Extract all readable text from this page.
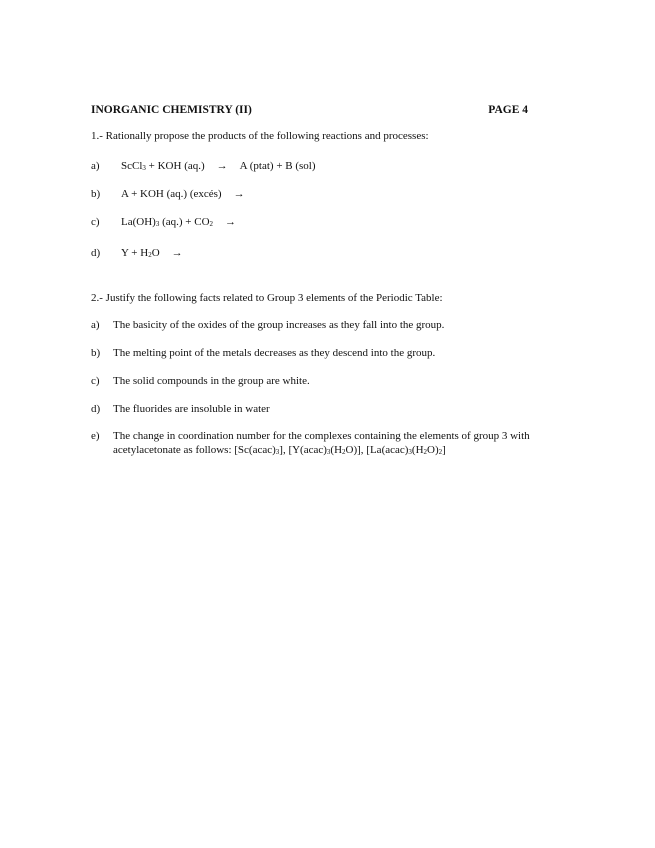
INORGANIC CHEMISTRY (II)	PAGE 4
1.- Rationally propose the products of the following reactions and processes:
a) ScCl$_3$ + KOH (aq.) → A (ptat) + B (sol)
b) A + KOH (aq.) (excés) →
c) $La(OH)_3$ $(aq.) + CO_2$ →
d) $Y + H_2O$ →
2.- Justify the following facts related to Group 3 elements of the Periodic Table:
a) The basicity of the oxides of the group increases as they fall into the group.
b) The melting point of the metals decreases as they descend into the group.
c) The solid compounds in the group are white.
d) The fluorides are insoluble in water
e) The change in coordination number for the complexes containing the elements of group 3 with
acetylacetonate as follows: $[Sc(acac)_3]$, $[Y(acac)_3(H_2O)]$, $[La(acac)_3(H_2O)_2]$
